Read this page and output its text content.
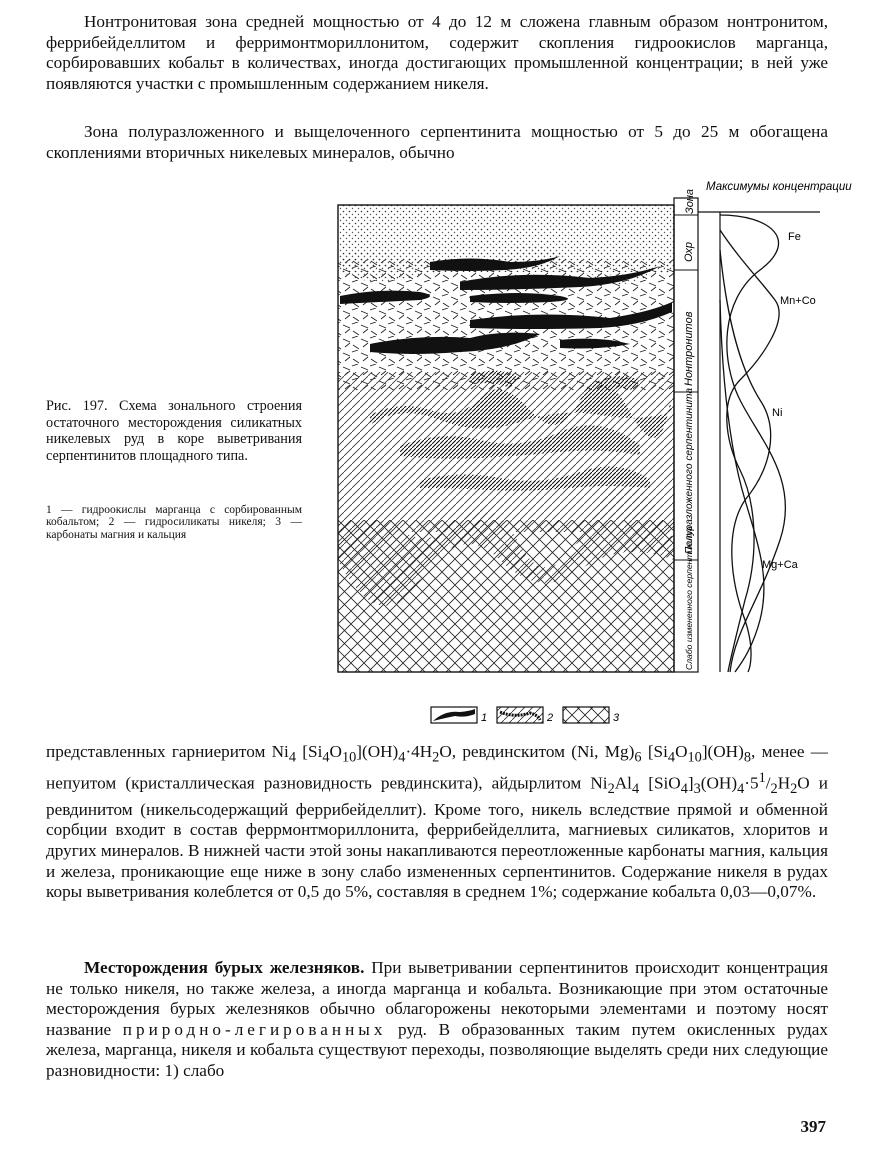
Нонтронитовая зона средней мощностью от 4 до 12 м сложена главным образом нонтронитом, феррибейделлитом и ферримонтмориллонитом, содержит скопления гидроокислов марганца, сорбировавших кобальт в количествах, иногда достигающих промышленной концентрации; в ней уже появляются участки с промышленным содержанием никеля.

Зона полуразложенного и выщелоченного серпентинита мощностью от 5 до 25 м обогащена скоплениями вторичных никелевых минералов, обычно

Рис. 197. Схема зонального строения остаточного месторождения силикатных никелевых руд в коре выветривания серпентинитов площадного типа.
1 — гидроокислы марганца с сорбированным кобальтом; 2 — гидросиликаты никеля; 3 — карбонаты магния и кальция
Зона
Охр
Нонтронитов
Полуразложенного серпентинита
Слабо измененного серпентинита
Максимумы концентрации
Fe
Mn+Co
Ni
Mg+Ca
1	2	3

представленных гарниеритом $Ni_4$ $[Si_4O_{10}](OH)_4\cdot 4H_2O$, ревдинскитом (Ni, $Mg)_6$ $[Si_4O_{10}](OH)_8$, менее — непуитом (кристаллическая разновидность ревдинскита), айдырлитом $Ni_2Al_4$ $[SiO_4]_3(OH)_4\cdot 5^1/_2H_2O$ и ревдинитом (никельсодержащий феррибейделлит). Кроме того, никель вследствие прямой и обменной сорбции входит в состав феррмонтмориллонита, феррибейделлита, магниевых силикатов, хлоритов и других минералов. В нижней части этой зоны накапливаются переотложенные карбонаты магния, кальция и железа, проникающие еще ниже в зону слабо измененных серпентинитов. Содержание никеля в рудах коры выветривания колеблется от 0,5 до 5%, составляя в среднем 1%; содержание кобальта 0,03—0,07%.

Месторождения бурых железняков. При выветривании серпентинитов происходит концентрация не только никеля, но также железа, а иногда марганца и кобальта. Возникающие при этом остаточные месторождения бурых железняков обычно облагорожены некоторыми элементами и поэтому носят название природно-легированных руд. В образованных таким путем окисленных рудах железа, марганца, никеля и кобальта существуют переходы, позволяющие выделять среди них следующие разновидности: 1) слабо

397
